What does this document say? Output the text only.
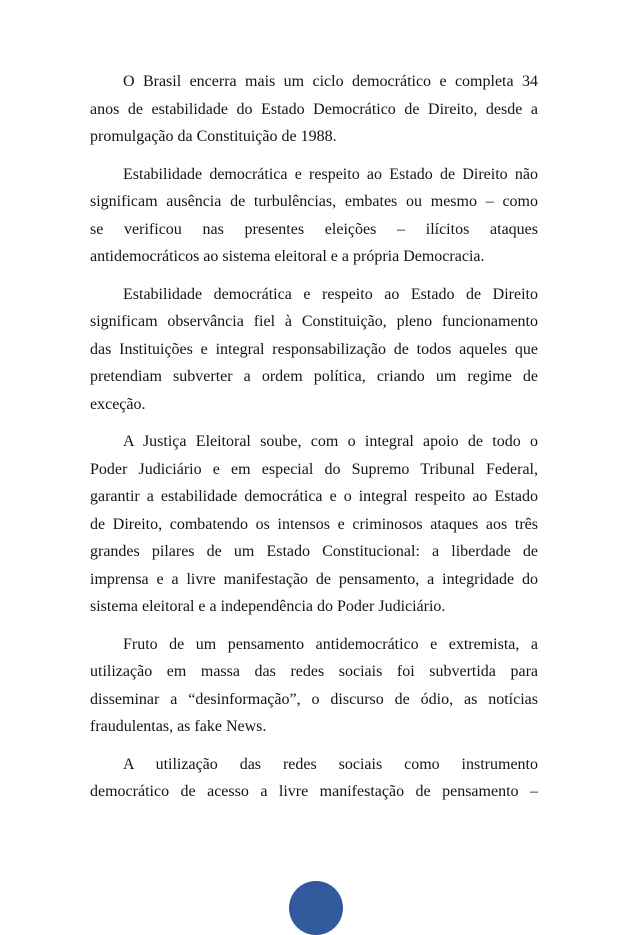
O Brasil encerra mais um ciclo democrático e completa 34
anos de estabilidade do Estado Democrático de Direito, desde a
promulgação da Constituição de 1988.
Estabilidade democrática e respeito ao Estado de Direito não
significam ausência de turbulências, embates ou mesmo – como
se verificou nas presentes eleições – ilícitos ataques
antidemocráticos ao sistema eleitoral e a própria Democracia.
Estabilidade democrática e respeito ao Estado de Direito
significam observância fiel à Constituição, pleno funcionamento
das Instituições e integral responsabilização de todos aqueles que
pretendiam subverter a ordem política, criando um regime de
exceção.
A Justiça Eleitoral soube, com o integral apoio de todo o
Poder Judiciário e em especial do Supremo Tribunal Federal,
garantir a estabilidade democrática e o integral respeito ao Estado
de Direito, combatendo os intensos e criminosos ataques aos três
grandes pilares de um Estado Constitucional: a liberdade de
imprensa e a livre manifestação de pensamento, a integridade do
sistema eleitoral e a independência do Poder Judiciário.
Fruto de um pensamento antidemocrático e extremista, a
utilização em massa das redes sociais foi subvertida para
disseminar a “desinformação”, o discurso de ódio, as notícias
fraudulentas, as fake News.
A utilização das redes sociais como instrumento
democrático de acesso a livre manifestação de pensamento –
